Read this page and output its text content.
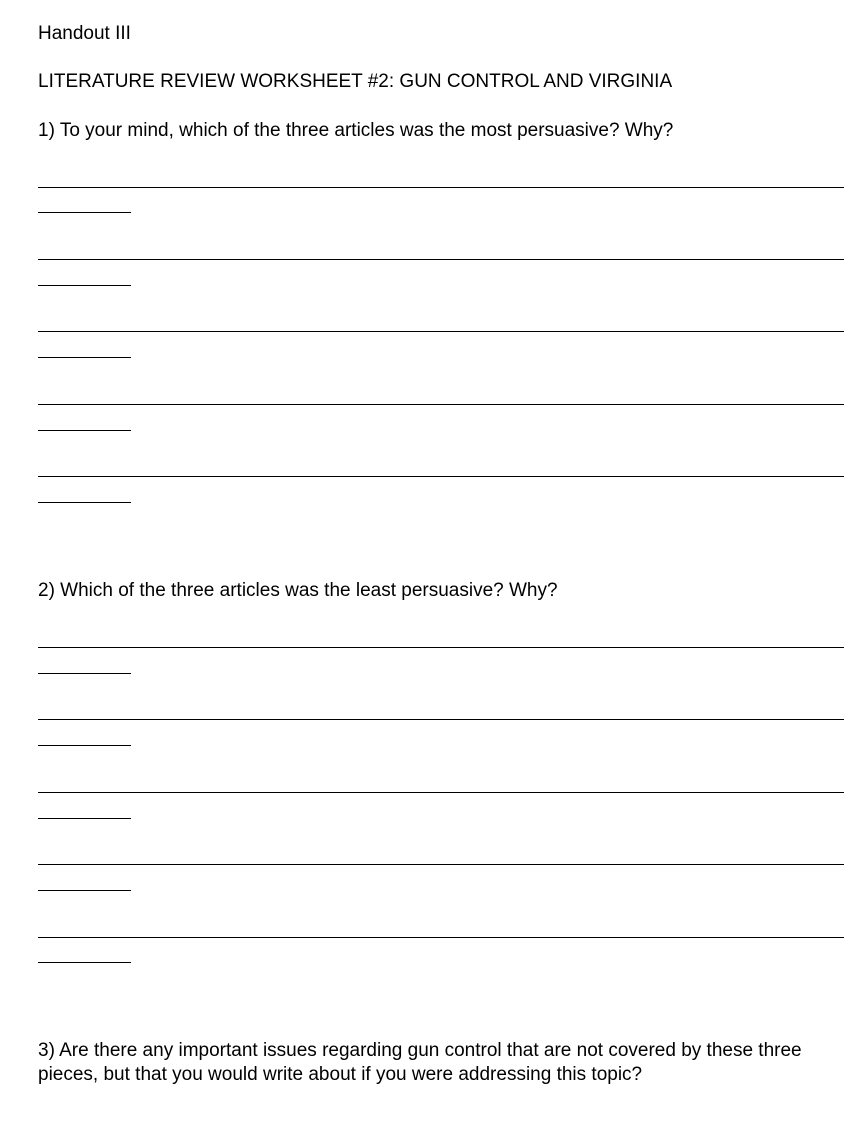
Handout III
LITERATURE REVIEW WORKSHEET #2: GUN CONTROL AND VIRGINIA
1) To your mind, which of the three articles was the most persuasive? Why?
2) Which of the three articles was the least persuasive? Why?
3) Are there any important issues regarding gun control that are not covered by these three pieces, but that you would write about if you were addressing this topic?
